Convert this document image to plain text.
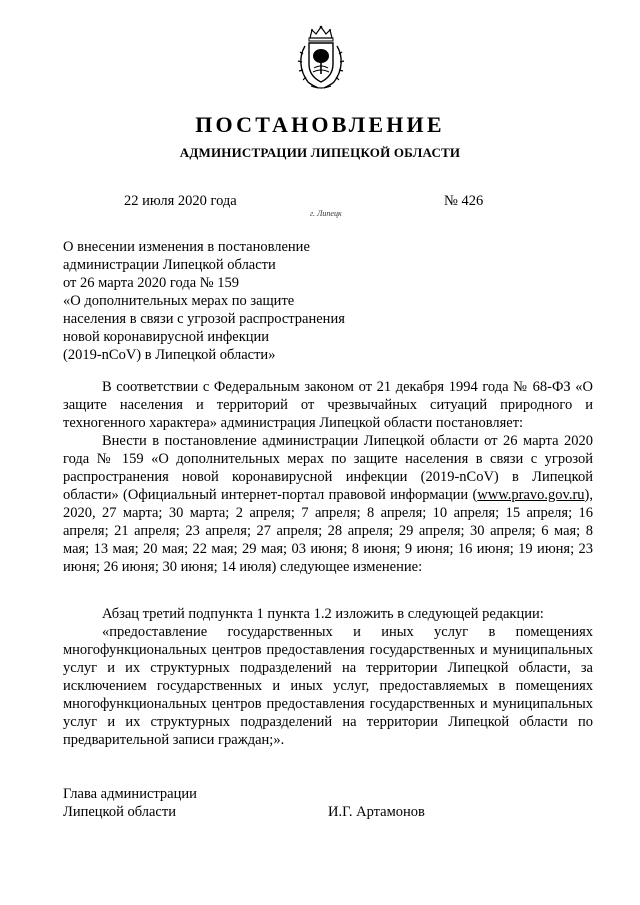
ПОСТАНОВЛЕНИЕ
АДМИНИСТРАЦИИ ЛИПЕЦКОЙ ОБЛАСТИ
22 июля 2020 года
г. Липецк
№ 426
О внесении изменения в постановление
администрации Липецкой области
от 26 марта 2020 года № 159
«О дополнительных мерах по защите
населения в связи с угрозой распространения
новой коронавирусной инфекции
(2019-nCoV) в Липецкой области»

В соответствии с Федеральным законом от 21 декабря 1994 года № 68-ФЗ «О защите населения и территорий от чрезвычайных ситуаций природного и техногенного характера» администрация Липецкой области постановляет:

Внести в постановление администрации Липецкой области от 26 марта 2020 года № 159 «О дополнительных мерах по защите населения в связи с угрозой распространения новой коронавирусной инфекции (2019-nCoV) в Липецкой области» (Официальный интернет-портал правовой информации (www.pravo.gov.ru), 2020, 27 марта; 30 марта; 2 апреля; 7 апреля; 8 апреля; 10 апреля; 15 апреля; 16 апреля; 21 апреля; 23 апреля; 27 апреля; 28 апреля; 29 апреля; 30 апреля; 6 мая; 8 мая; 13 мая; 20 мая; 22 мая; 29 мая; 03 июня; 8 июня; 9 июня; 16 июня; 19 июня; 23 июня; 26 июня; 30 июня; 14 июля) следующее изменение:

Абзац третий подпункта 1 пункта 1.2 изложить в следующей редакции:

«предоставление государственных и иных услуг в помещениях многофункциональных центров предоставления государственных и муниципальных услуг и их структурных подразделений на территории Липецкой области, за исключением государственных и иных услуг, предоставляемых в помещениях многофункциональных центров предоставления государственных и муниципальных услуг и их структурных подразделений на территории Липецкой области по предварительной записи граждан;».

Глава администрации
Липецкой области	И.Г. Артамонов
